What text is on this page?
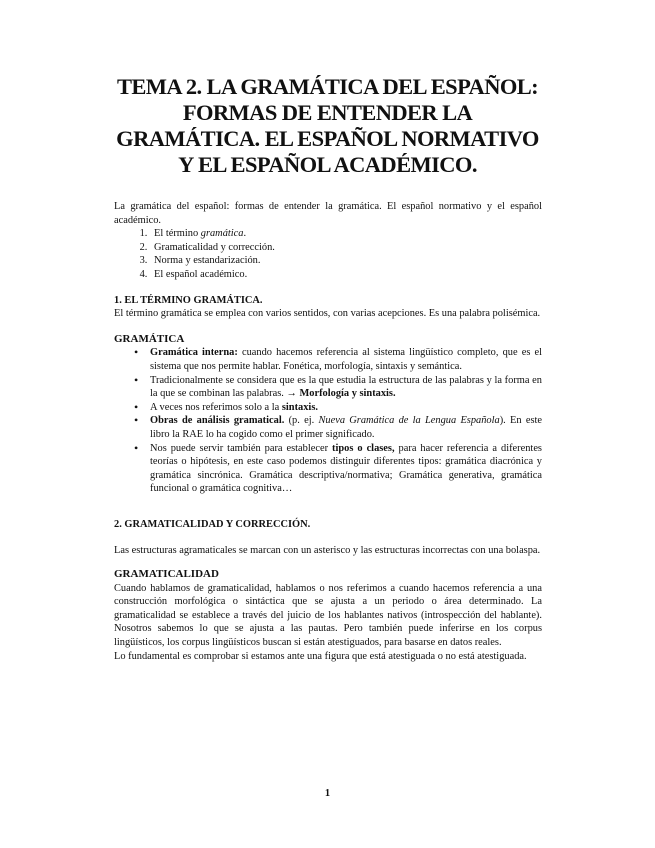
TEMA 2. LA GRAMÁTICA DEL ESPAÑOL:
FORMAS DE ENTENDER LA
GRAMÁTICA. EL ESPAÑOL NORMATIVO
Y EL ESPAÑOL ACADÉMICO.

La gramática del español: formas de entender la gramática. El español normativo y el español académico.

1. El término gramática.
2. Gramaticalidad y corrección.
3. Norma y estandarización.
4. El español académico.

1. EL TÉRMINO GRAMÁTICA.

El término gramática se emplea con varios sentidos, con varias acepciones. Es una palabra polisémica.

GRAMÁTICA

• Gramática interna: cuando hacemos referencia al sistema lingüístico completo, que es el sistema que nos permite hablar. Fonética, morfología, sintaxis y semántica.
• Tradicionalmente se considera que es la que estudia la estructura de las palabras y la forma en la que se combinan las palabras. → Morfología y sintaxis.
• A veces nos referimos solo a la sintaxis.
• Obras de análisis gramatical. (p. ej. Nueva Gramática de la Lengua Española). En este libro la RAE lo ha cogido como el primer significado.
• Nos puede servir también para establecer tipos o clases, para hacer referencia a diferentes teorías o hipótesis, en este caso podemos distinguir diferentes tipos: gramática diacrónica y gramática sincrónica. Gramática descriptiva/normativa; Gramática generativa, gramática funcional o gramática cognitiva…

2. GRAMATICALIDAD Y CORRECCIÓN.

Las estructuras agramaticales se marcan con un asterisco y las estructuras incorrectas con una bolaspa.

GRAMATICALIDAD

Cuando hablamos de gramaticalidad, hablamos o nos referimos a cuando hacemos referencia a una construcción morfológica o sintáctica que se ajusta a un periodo o área determinado. La gramaticalidad se establece a través del juicio de los hablantes nativos (introspección del hablante). Nosotros sabemos lo que se ajusta a las pautas. Pero también puede inferirse en los corpus lingüísticos, los corpus lingüísticos buscan si están atestiguados, para basarse en datos reales.

Lo fundamental es comprobar si estamos ante una figura que está atestiguada o no está atestiguada.

1
